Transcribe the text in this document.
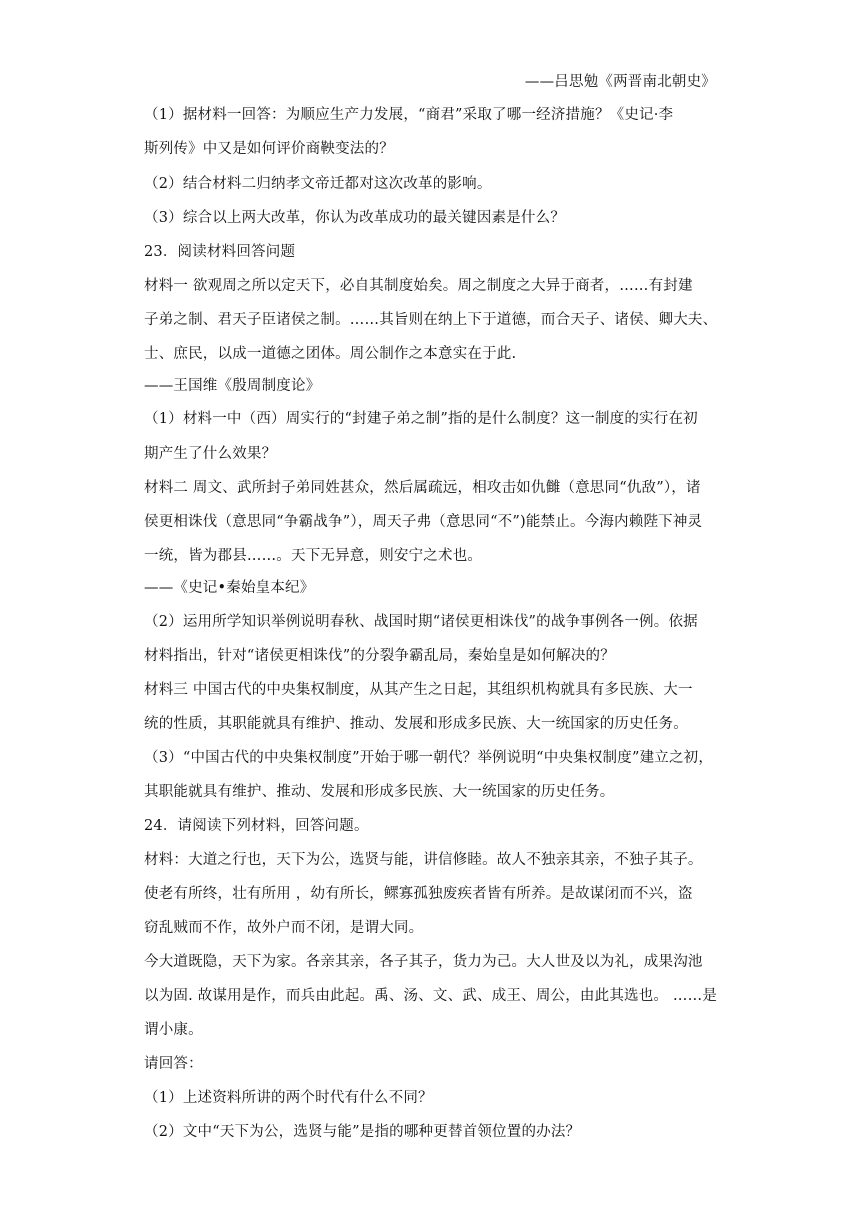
——吕思勉《两晋南北朝史》
（1）据材料一回答：为顺应生产力发展，“商君”采取了哪一经济措施？《史记·李
斯列传》中又是如何评价商鞅变法的？
（2）结合材料二归纳孝文帝迁都对这次改革的影响。
（3）综合以上两大改革，你认为改革成功的最关键因素是什么？
23．阅读材料回答问题
材料一 欲观周之所以定天下，必自其制度始矣。周之制度之大异于商者，……有封建
子弟之制、君天子臣诸侯之制。……其旨则在纳上下于道德，而合天子、诸侯、卿大夫、
士、庶民，以成一道德之团体。周公制作之本意实在于此.
——王国维《殷周制度论》
（1）材料一中（西）周实行的“封建子弟之制”指的是什么制度？这一制度的实行在初
期产生了什么效果？
材料二 周文、武所封子弟同姓甚众，然后属疏远，相攻击如仇雠（意思同“仇敌”），诸
侯更相诛伐（意思同“争霸战争”），周天子弗（意思同“不”)能禁止。今海内赖陛下神灵
一统，皆为郡县……。天下无异意，则安宁之术也。
——《史记•秦始皇本纪》
（2）运用所学知识举例说明春秋、战国时期“诸侯更相诛伐”的战争事例各一例。依据
材料指出，针对“诸侯更相诛伐”的分裂争霸乱局，秦始皇是如何解决的？
材料三 中国古代的中央集权制度，从其产生之日起，其组织机构就具有多民族、大一
统的性质，其职能就具有维护、推动、发展和形成多民族、大一统国家的历史任务。
（3）“中国古代的中央集权制度”开始于哪一朝代？举例说明“中央集权制度”建立之初，
其职能就具有维护、推动、发展和形成多民族、大一统国家的历史任务。
24．请阅读下列材料，回答问题。
材料：大道之行也，天下为公，选贤与能，讲信修睦。故人不独亲其亲，不独子其子。
使老有所终，壮有所用 ，幼有所长，鳏寡孤独废疾者皆有所养。是故谋闭而不兴，盗
窃乱贼而不作，故外户而不闭，是谓大同。
今大道既隐，天下为家。各亲其亲，各子其子，货力为己。大人世及以为礼，成果沟池
以为固. 故谋用是作，而兵由此起。禹、汤、文、武、成王、周公，由此其选也。 ……是
谓小康。
请回答：
（1）上述资料所讲的两个时代有什么不同？
（2）文中“天下为公，选贤与能”是指的哪种更替首领位置的办法？
